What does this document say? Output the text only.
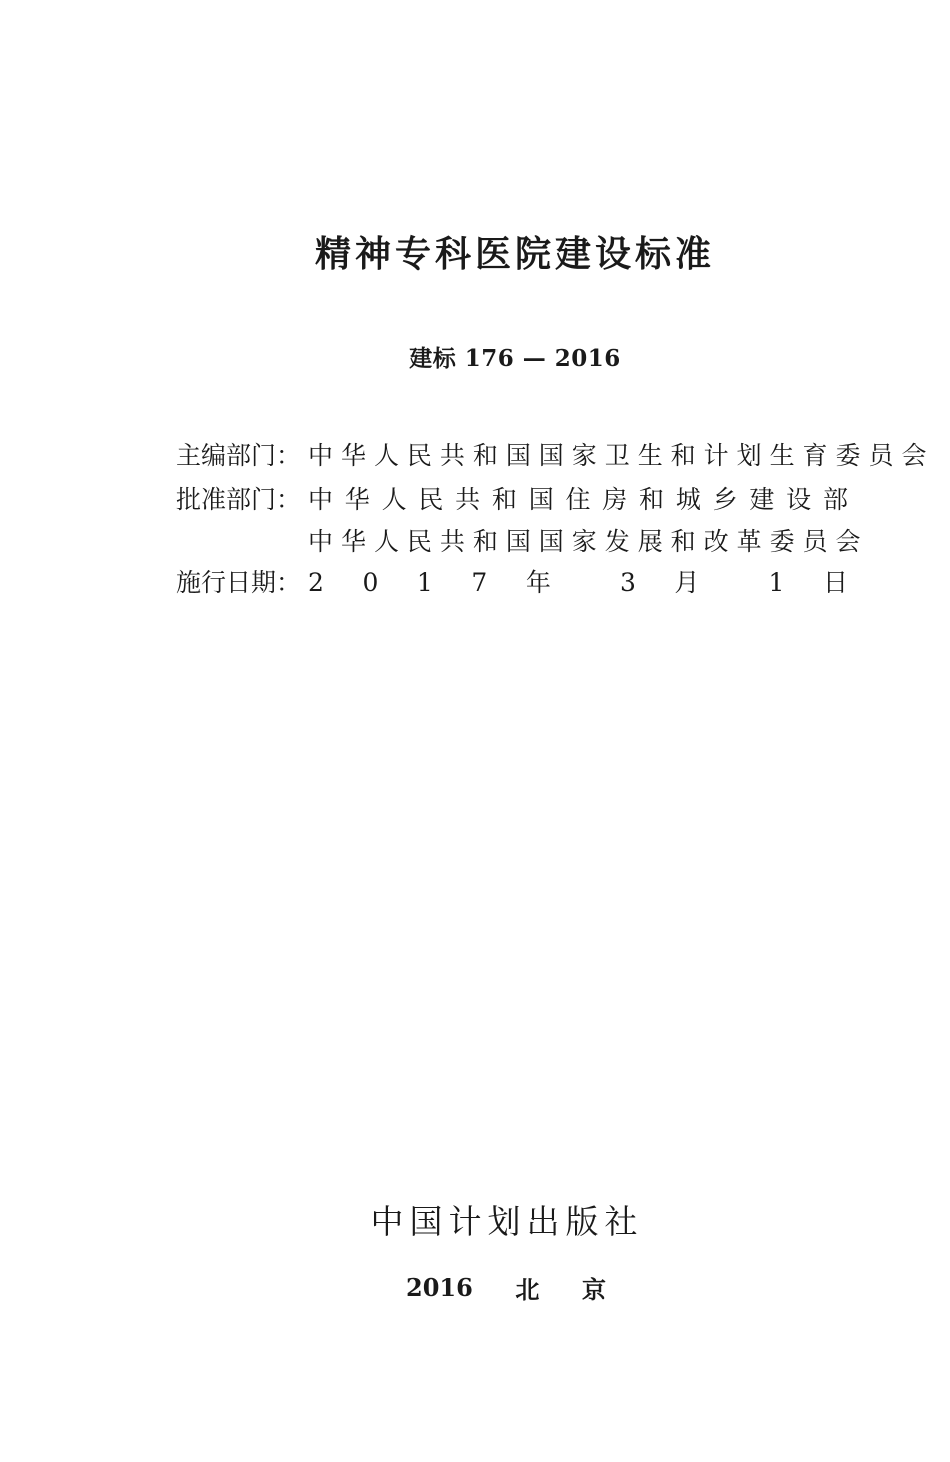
精神专科医院建设标准
建标 176 — 2016
主编部门： 中 华 人 民 共 和 国 国 家 卫 生 和 计 划 生 育 委 员 会
批准部门： 中 华 人 民 共 和 国 住 房 和 城 乡 建 设 部
中 华 人 民 共 和 国 国 家 发 展 和 改 革 委 员 会
施行日期： 2 0 1 7 年 3 月 1 日
中国计划出版社
2016 北 京
